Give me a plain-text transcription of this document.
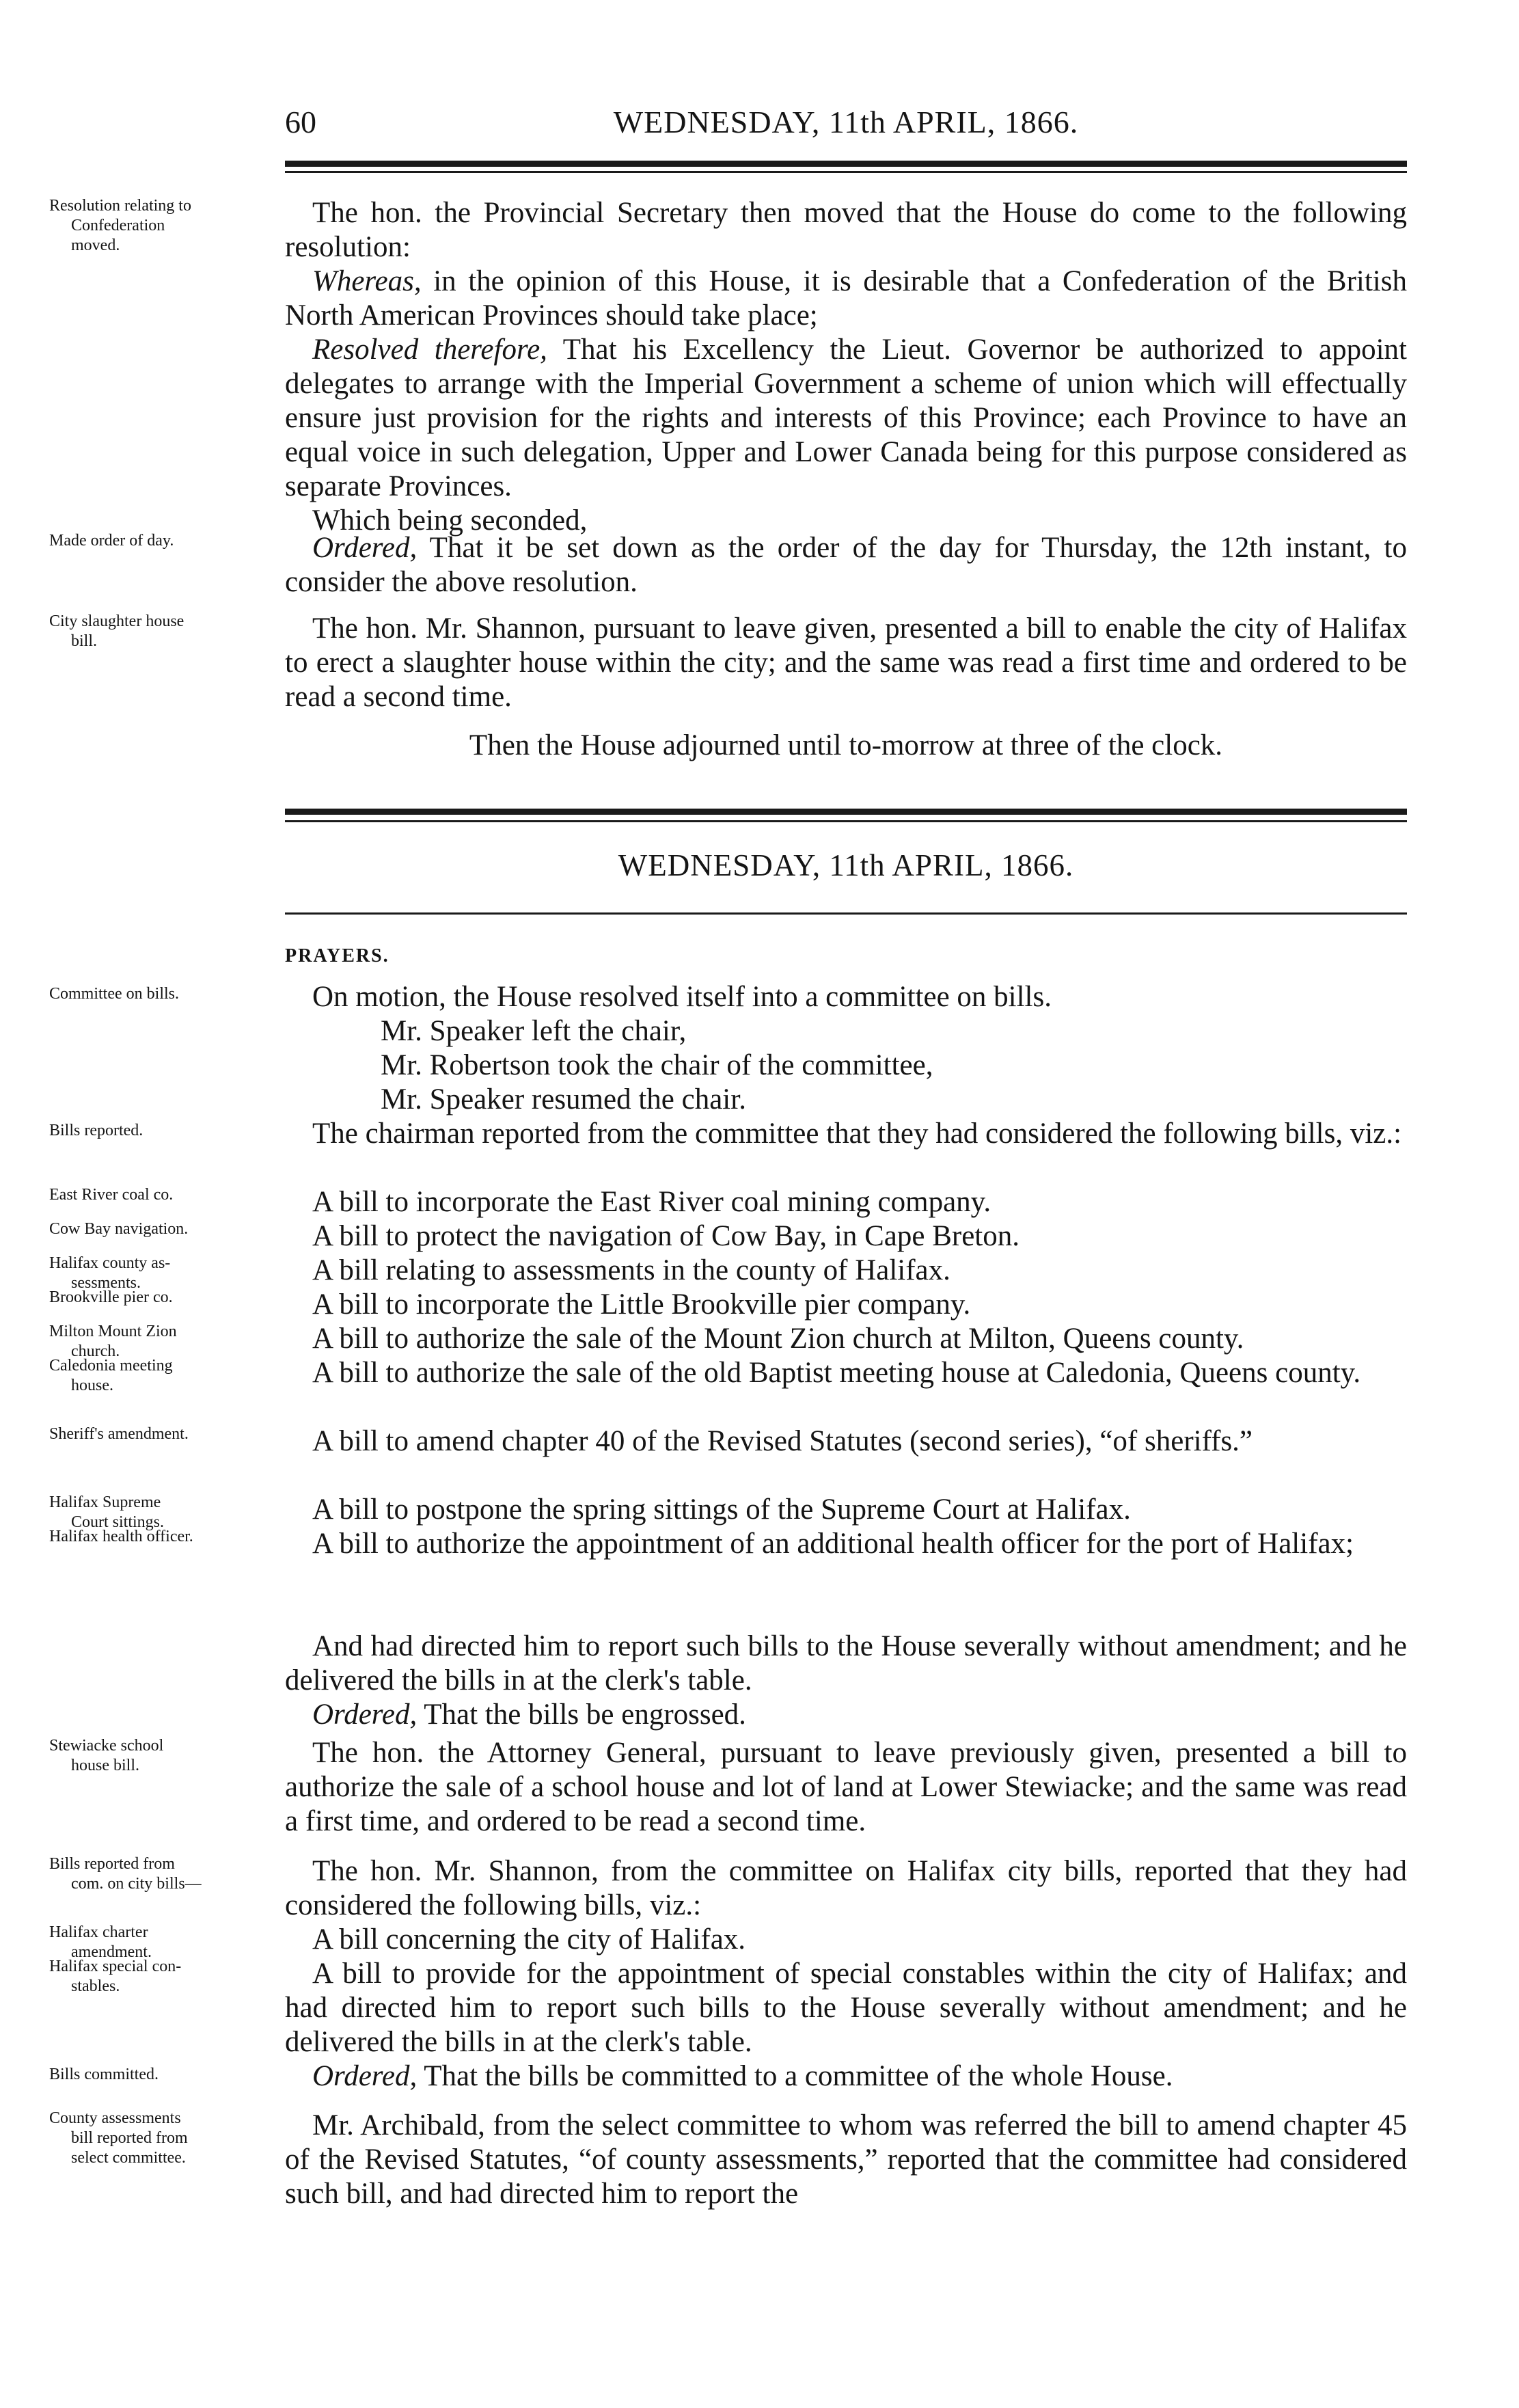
60	WEDNESDAY, 11th APRIL, 1866.
Resolution relating to
Confederation
moved.

The hon. the Provincial Secretary then moved that the House do come to the following resolution:

Whereas, in the opinion of this House, it is desirable that a Confederation of the British North American Provinces should take place;

Resolved therefore, That his Excellency the Lieut. Governor be authorized to appoint delegates to arrange with the Imperial Government a scheme of union which will effectually ensure just provision for the rights and interests of this Province; each Province to have an equal voice in such delegation, Upper and Lower Canada being for this purpose considered as separate Provinces.

Which being seconded,

Made order of day.	Ordered, That it be set down as the order of the day for Thursday, the 12th instant, to consider the above resolution.

City slaughter house
bill.	The hon. Mr. Shannon, pursuant to leave given, presented a bill to enable the city of Halifax to erect a slaughter house within the city; and the same was read a first time and ordered to be read a second time.

Then the House adjourned until to-morrow at three of the clock.

WEDNESDAY, 11th APRIL, 1866.
PRAYERS.
Committee on bills.	On motion, the House resolved itself into a committee on bills.

Mr. Speaker left the chair,

Mr. Robertson took the chair of the committee,

Mr. Speaker resumed the chair.

Bills reported.	The chairman reported from the committee that they had considered the following bills, viz.:

East River coal co.	A bill to incorporate the East River coal mining company.

Cow Bay navigation.	A bill to protect the navigation of Cow Bay, in Cape Breton.

Halifax county as-
sessments.	A bill relating to assessments in the county of Halifax.

Brookville pier co.	A bill to incorporate the Little Brookville pier company.

Milton Mount Zion
church.	A bill to authorize the sale of the Mount Zion church at Milton, Queens county.

Caledonia meeting
house.	A bill to authorize the sale of the old Baptist meeting house at Caledonia, Queens county.

Sheriff's amendment.	A bill to amend chapter 40 of the Revised Statutes (second series), “of sheriffs.”

Halifax Supreme
Court sittings.	A bill to postpone the spring sittings of the Supreme Court at Halifax.

Halifax health officer.	A bill to authorize the appointment of an additional health officer for the port of Halifax;

And had directed him to report such bills to the House severally without amendment; and he delivered the bills in at the clerk's table.

Ordered, That the bills be engrossed.

Stewiacke school
house bill.	The hon. the Attorney General, pursuant to leave previously given, presented a bill to authorize the sale of a school house and lot of land at Lower Stewiacke; and the same was read a first time, and ordered to be read a second time.

Bills reported from
com. on city bills—	The hon. Mr. Shannon, from the committee on Halifax city bills, reported that they had considered the following bills, viz.:

Halifax charter
amendment.	A bill concerning the city of Halifax.

Halifax special con-
stables.	A bill to provide for the appointment of special constables within the city of Halifax; and had directed him to report such bills to the House severally without amendment; and he delivered the bills in at the clerk's table.

Bills committed.	Ordered, That the bills be committed to a committee of the whole House.

County assessments
bill reported from
select committee.

Mr. Archibald, from the select committee to whom was referred the bill to amend chapter 45 of the Revised Statutes, “of county assessments,” reported that the committee had considered such bill, and had directed him to report the
